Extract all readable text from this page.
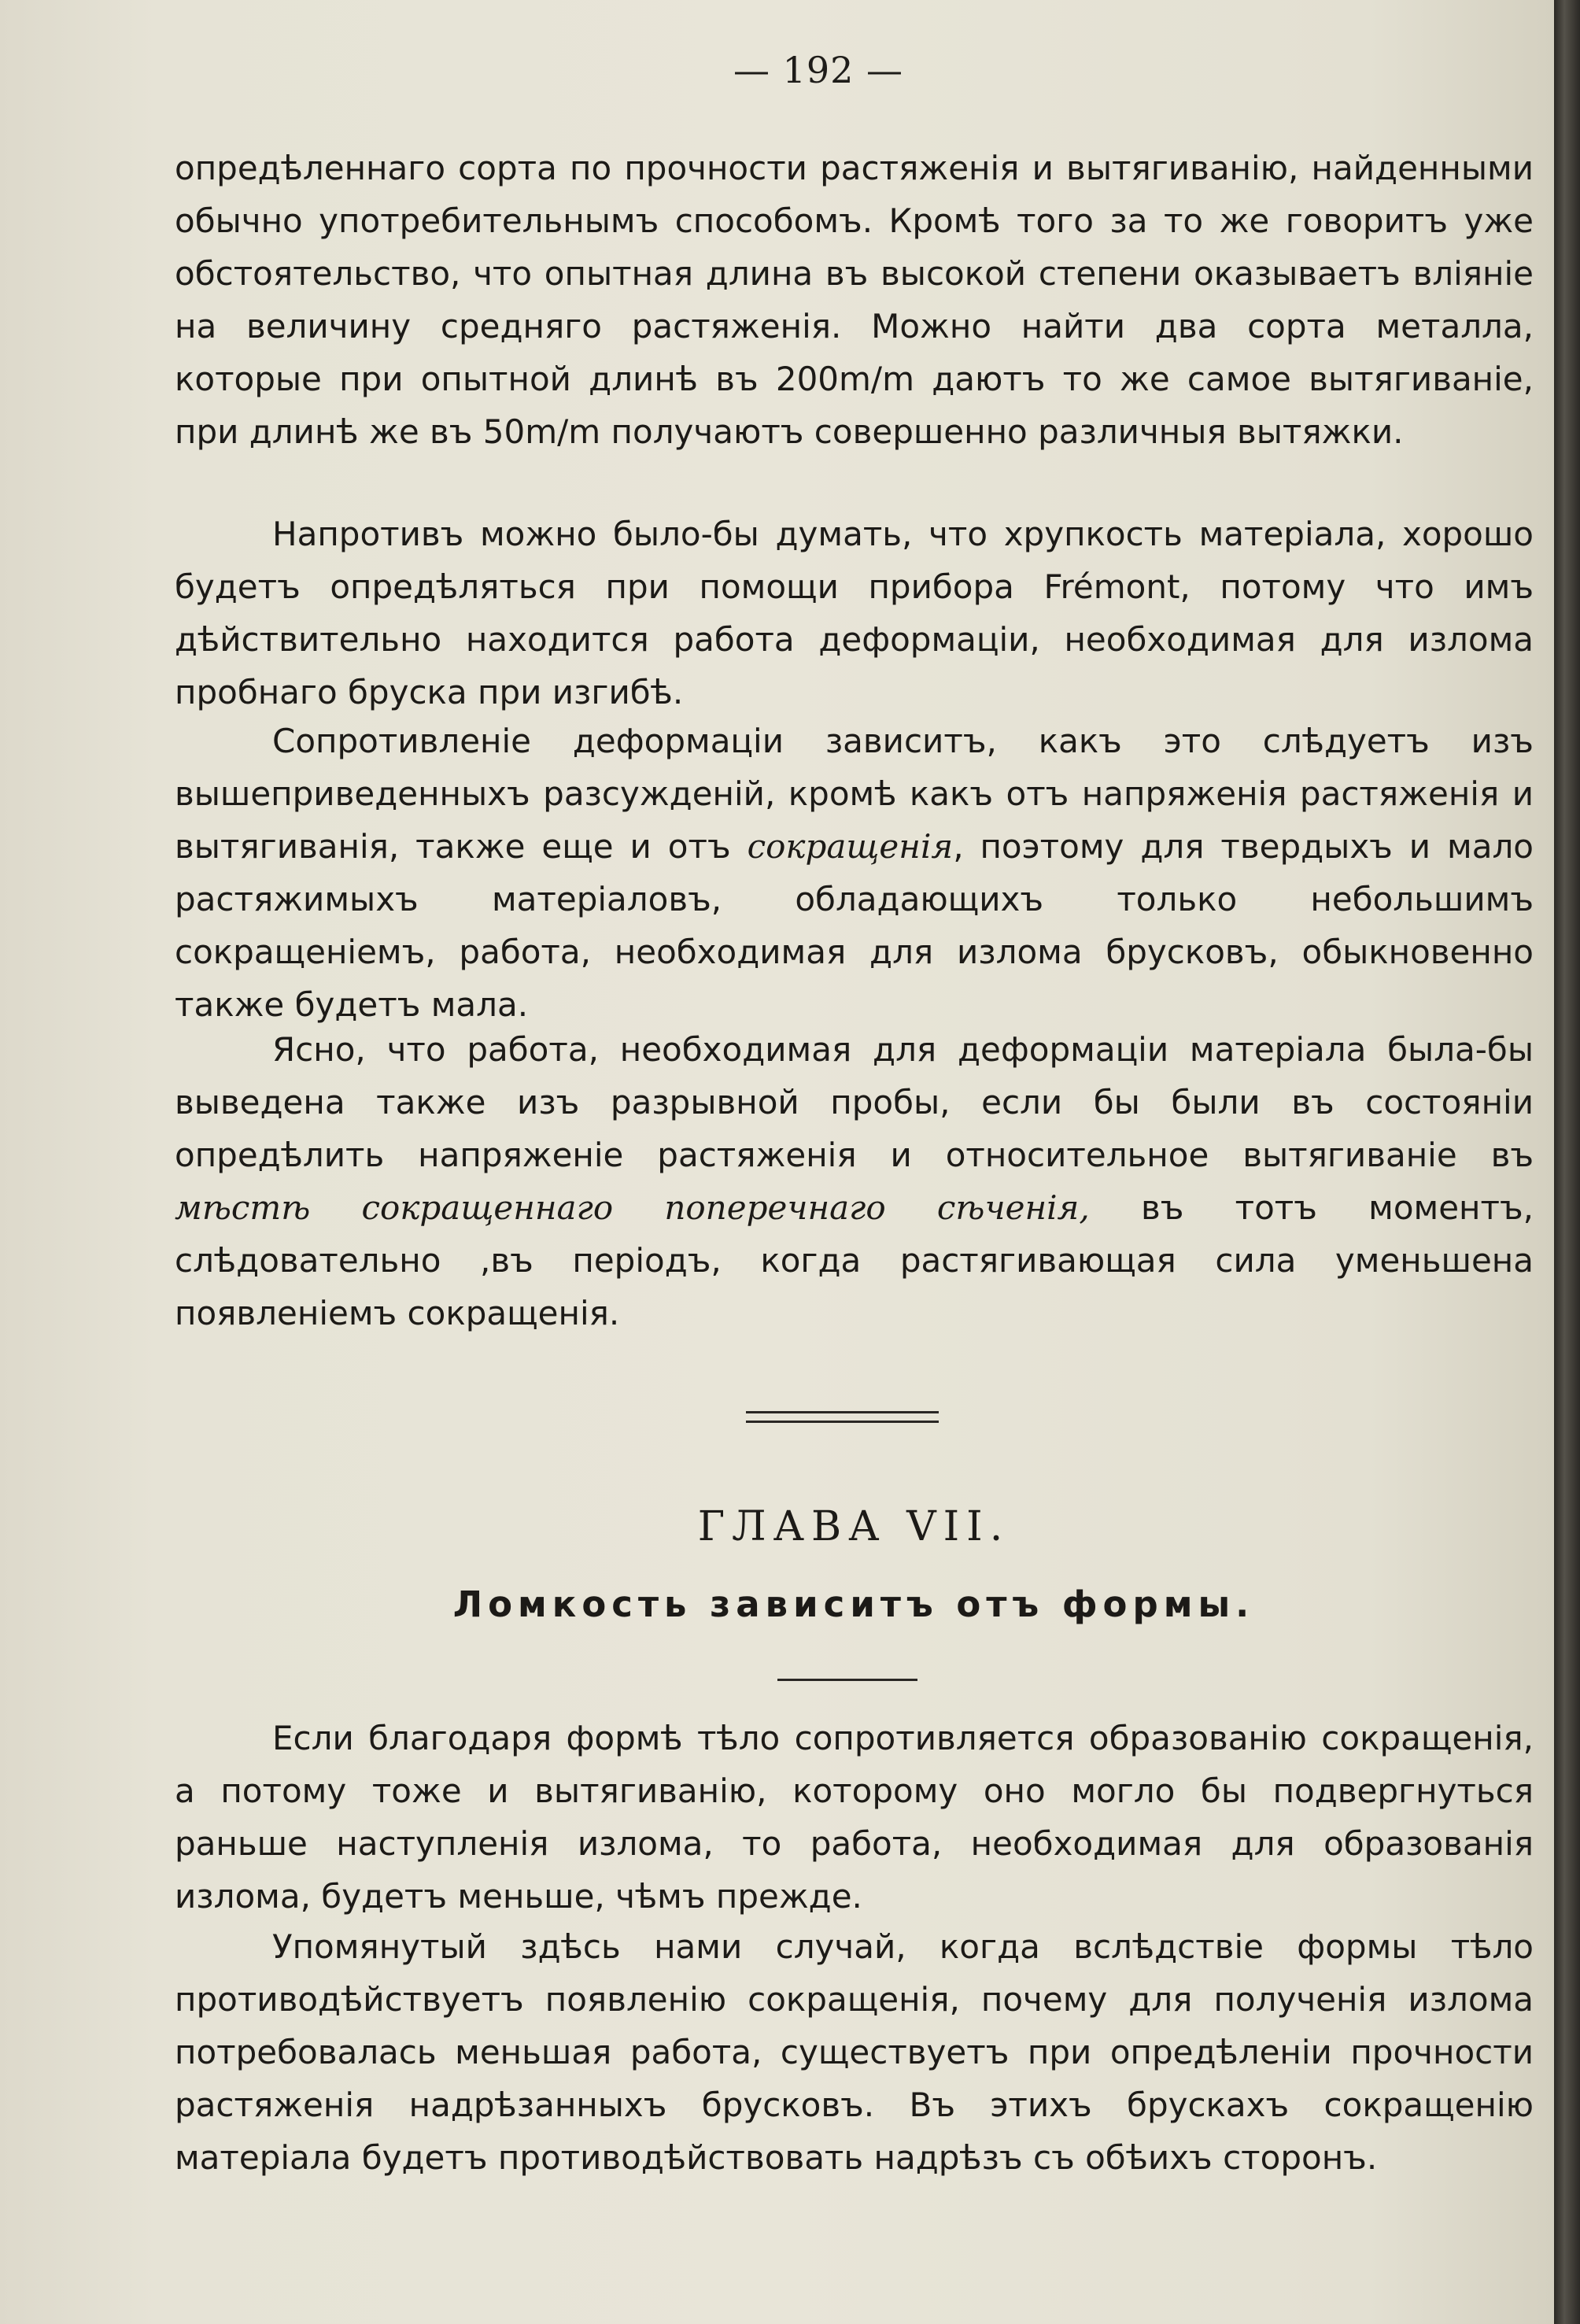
— 192 —

опредѣленнаго сорта по прочности растяженія и вытягиванію, найденными обычно употребительнымъ способомъ. Кромѣ того за то же говоритъ уже обстоятельство, что опытная длина въ высокой степени оказываетъ вліяніе на величину средняго растяженія. Можно найти два сорта металла, которые при опытной длинѣ въ 200m/m даютъ то же самое вытягиваніе, при длинѣ же въ 50m/m получаютъ совершенно различныя вытяжки.

Напротивъ можно было-бы думать, что хрупкость матеріала, хорошо будетъ опредѣляться при помощи прибора Frémont, потому что имъ дѣйствительно находится работа деформаціи, необходимая для излома пробнаго бруска при изгибѣ.

Сопротивленіе деформаціи зависитъ, какъ это слѣдуетъ изъ вышеприведенныхъ разсужденій, кромѣ какъ отъ напряженія растяженія и вытягиванія, также еще и отъ сокращенія, поэтому для твердыхъ и мало растяжимыхъ матеріаловъ, обладающихъ только небольшимъ сокращеніемъ, работа, необходимая для излома брусковъ, обыкновенно также будетъ мала.

Ясно, что работа, необходимая для деформаціи матеріала была-бы выведена также изъ разрывной пробы, если бы были въ состояніи опредѣлить напряженіе растяженія и относительное вытягиваніе въ мѣстѣ сокращеннаго поперечнаго сѣченія, въ тотъ моментъ, слѣдовательно ,въ періодъ, когда растягивающая сила уменьшена появленіемъ сокращенія.

ГЛАВА VII.
Ломкость зависитъ отъ формы.

Если благодаря формѣ тѣло сопротивляется образованію сокращенія, а потому тоже и вытягиванію, которому оно могло бы подвергнуться раньше наступленія излома, то работа, необходимая для образованія излома, будетъ меньше, чѣмъ прежде.

Упомянутый здѣсь нами случай, когда вслѣдствіе формы тѣло противодѣйствуетъ появленію сокращенія, почему для полученія излома потребовалась меньшая работа, существуетъ при опредѣленіи прочности растяженія надрѣзанныхъ брусковъ. Въ этихъ брускахъ сокращенію матеріала будетъ противодѣйствовать надрѣзъ съ обѣихъ сторонъ.
